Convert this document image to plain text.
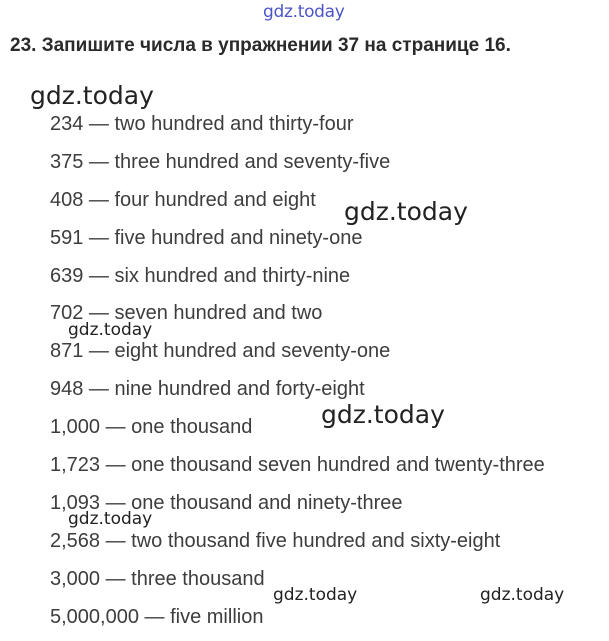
gdz.today
23. Запишите числа в упражнении 37 на странице 16.
234 — two hundred and thirty-four
375 — three hundred and seventy-five
408 — four hundred and eight
591 — five hundred and ninety-one
639 — six hundred and thirty-nine
702 — seven hundred and two
871 — eight hundred and seventy-one
948 — nine hundred and forty-eight
1,000 — one thousand
1,723 — one thousand seven hundred and twenty-three
1,093 — one thousand and ninety-three
2,568 — two thousand five hundred and sixty-eight
3,000 — three thousand
5,000,000 — five million
gdz.today
gdz.today
gdz.today
gdz.today
gdz.today
gdz.today	gdz.today
